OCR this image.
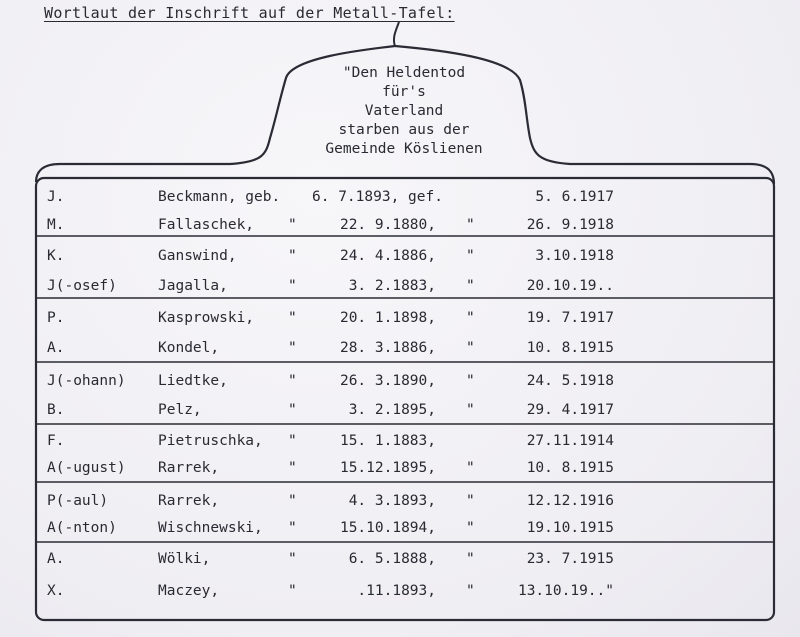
Wortlaut der Inschrift auf der Metall-Tafel:
"Den Heldentod
für's
Vaterland
starben aus der
Gemeinde Köslienen
J.	Beckmann, geb. 6. 7.1893, gef.	5. 6.1917
M.	Fallaschek, "	22. 9.1880, "	26. 9.1918
K.	Ganswind,	"	24. 4.1886, "	3.10.1918
J(-osef)	Jagalla,	"	3. 2.1883, "	20.10.19..
P.	Kasprowski, "	20. 1.1898, "	19. 7.1917
A.	Kondel,	"	28. 3.1886, "	10. 8.1915
J(-ohann) Liedtke,	"	26. 3.1890, "	24. 5.1918
B.	Pelz,	"	3. 2.1895, "	29. 4.1917
F.	Pietruschka, "	15. 1.1883,	27.11.1914
A(-ugust) Rarrek,	"	15.12.1895, "	10. 8.1915
P(-aul)	Rarrek,	"	4. 3.1893, "	12.12.1916
A(-nton)	Wischnewski, "	15.10.1894, "	19.10.1915
A.	Wölki,	"	6. 5.1888, "	23. 7.1915
X.	Maczey,	"	.11.1893, "	13.10.19.."
